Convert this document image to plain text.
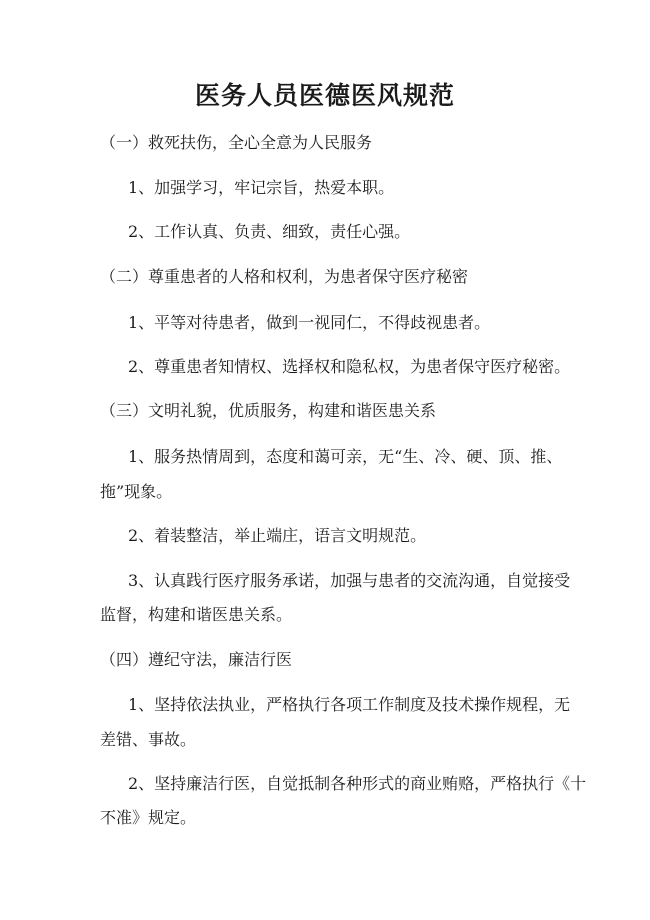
医务人员医德医风规范
（一）救死扶伤，全心全意为人民服务
1、加强学习，牢记宗旨，热爱本职。
2、工作认真、负责、细致，责任心强。
（二）尊重患者的人格和权利，为患者保守医疗秘密
1、平等对待患者，做到一视同仁，不得歧视患者。
2、尊重患者知情权、选择权和隐私权，为患者保守医疗秘密。
（三）文明礼貌，优质服务，构建和谐医患关系
1、服务热情周到，态度和蔼可亲，无“生、冷、硬、顶、推、
拖”现象。
2、着装整洁，举止端庄，语言文明规范。
3、认真践行医疗服务承诺，加强与患者的交流沟通，自觉接受
监督，构建和谐医患关系。
（四）遵纪守法，廉洁行医
1、坚持依法执业，严格执行各项工作制度及技术操作规程，无
差错、事故。
2、坚持廉洁行医，自觉抵制各种形式的商业贿赂，严格执行《十
不准》规定。
